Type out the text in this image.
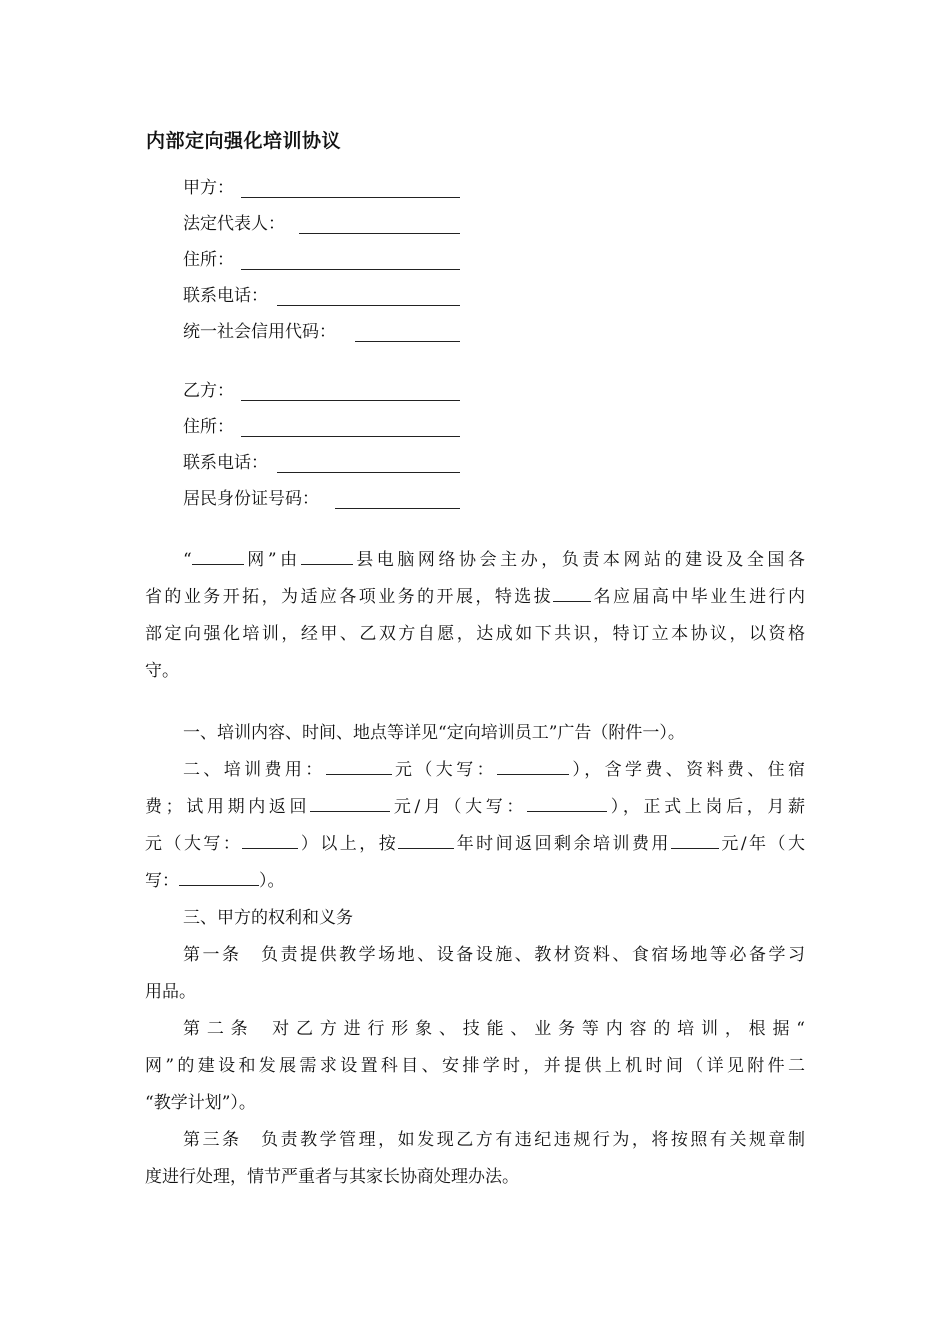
内部定向强化培训协议
甲方：
法定代表人：
住所：
联系电话：
统一社会信用代码：
乙方：
住所：
联系电话：
居民身份证号码：
“	网”由	县电脑网络协会主办，负责本网站的建设及全国各
省的业务开拓，为适应各项业务的开展，特选拔 名应届高中毕业生进行内
部定向强化培训，经甲、乙双方自愿，达成如下共识，特订立本协议，以资格
守。
一、培训内容、时间、地点等详见“定向培训员工”广告（附件一）。
二、培训费用：	元（大写：	），含学费、资料费、住宿
费；试用期内返回	元/月（大写：	），正式上岗后，月薪
元（大写：	）以上，按	年时间返回剩余培训费用	元/年（大
写：	）。
三、甲方的权利和义务
第一条　负责提供教学场地、设备设施、教材资料、食宿场地等必备学习
用品。
第 二 条　 对 乙 方 进 行 形 象 、 技 能 、 业 务 等 内 容 的 培 训 ， 根 据 “
网”的建设和发展需求设置科目、安排学时，并提供上机时间（详见附件二
“教学计划”）。
第三条　负责教学管理，如发现乙方有违纪违规行为，将按照有关规章制
度进行处理，情节严重者与其家长协商处理办法。
